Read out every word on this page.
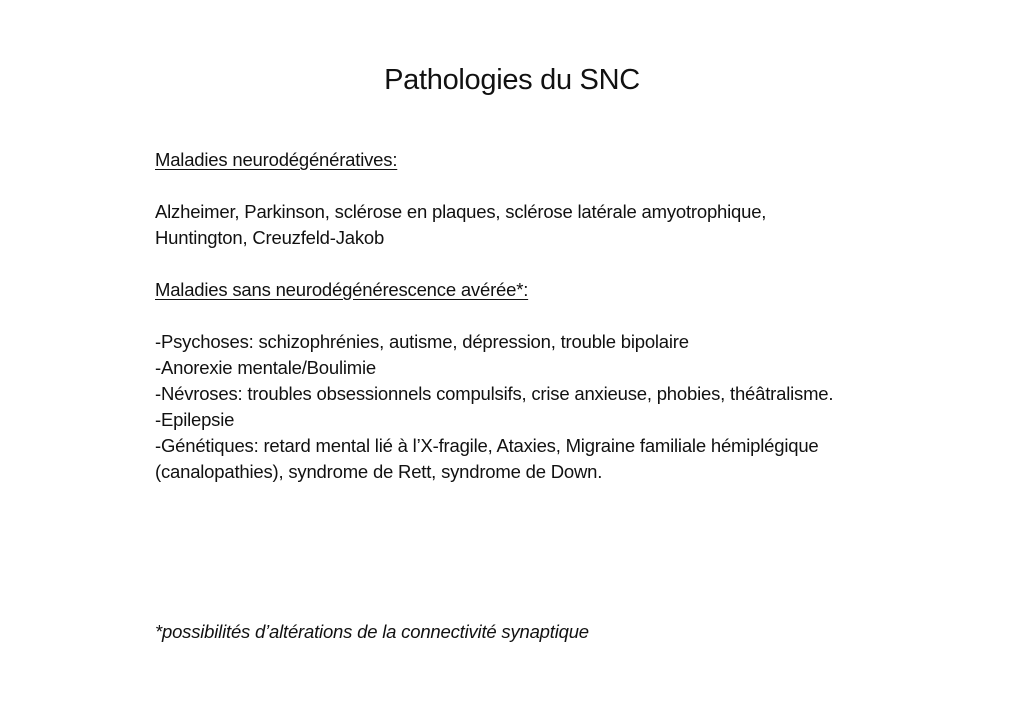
Pathologies du SNC

Maladies neurodégénératives:

Alzheimer, Parkinson, sclérose en plaques, sclérose latérale amyotrophique,

Huntington, Creuzfeld-Jakob

Maladies sans neurodégénérescence avérée*:

-Psychoses: schizophrénies, autisme, dépression, trouble bipolaire
-Anorexie mentale/Boulimie
-Névroses: troubles obsessionnels compulsifs, crise anxieuse, phobies, théâtralisme.
-Epilepsie
-Génétiques: retard mental lié à l’X-fragile, Ataxies, Migraine familiale hémiplégique
(canalopathies), syndrome de Rett, syndrome de Down.
*possibilités d’altérations de la connectivité synaptique
